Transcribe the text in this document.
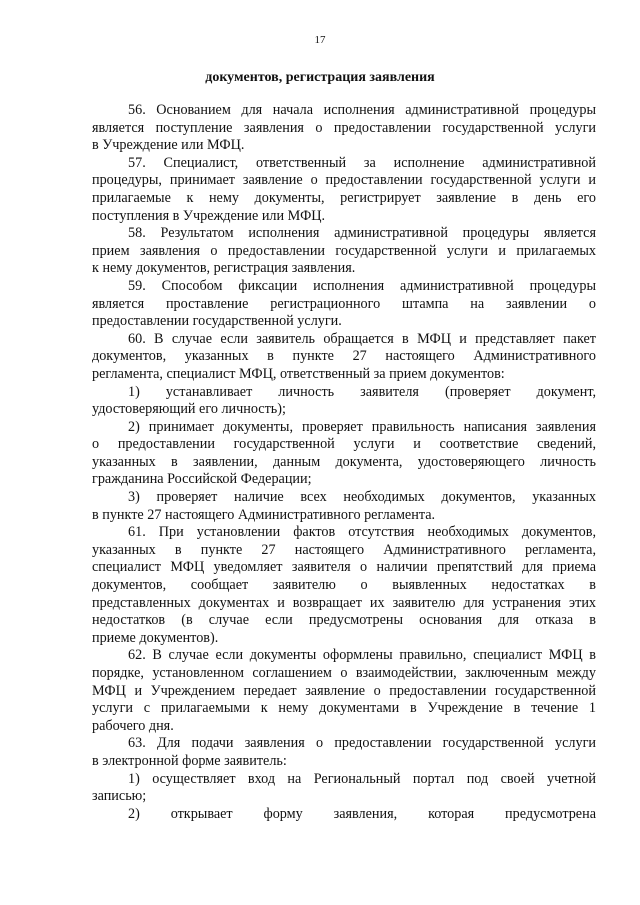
17
документов, регистрация заявления

56. Основанием для начала исполнения административной процедуры
является поступление заявления о предоставлении государственной услуги
в Учреждение или МФЦ.

57. Специалист, ответственный за исполнение административной
процедуры, принимает заявление о предоставлении государственной услуги и
прилагаемые к нему документы, регистрирует заявление в день его
поступления в Учреждение или МФЦ.

58. Результатом исполнения административной процедуры является
прием заявления о предоставлении государственной услуги и прилагаемых
к нему документов, регистрация заявления.

59. Способом фиксации исполнения административной процедуры
является проставление регистрационного штампа на заявлении о
предоставлении государственной услуги.

60. В случае если заявитель обращается в МФЦ и представляет пакет
документов, указанных в пункте 27 настоящего Административного
регламента, специалист МФЦ, ответственный за прием документов:

1) устанавливает личность заявителя (проверяет документ,
удостоверяющий его личность);

2) принимает документы, проверяет правильность написания заявления
о предоставлении государственной услуги и соответствие сведений,
указанных в заявлении, данным документа, удостоверяющего личность
гражданина Российской Федерации;

3) проверяет наличие всех необходимых документов, указанных
в пункте 27 настоящего Административного регламента.

61. При установлении фактов отсутствия необходимых документов,
указанных в пункте 27 настоящего Административного регламента,
специалист МФЦ уведомляет заявителя о наличии препятствий для приема
документов, сообщает заявителю о выявленных недостатках в
представленных документах и возвращает их заявителю для устранения этих
недостатков (в случае если предусмотрены основания для отказа в
приеме документов).

62. В случае если документы оформлены правильно, специалист МФЦ в
порядке, установленном соглашением о взаимодействии, заключенным между
МФЦ и Учреждением передает заявление о предоставлении государственной
услуги с прилагаемыми к нему документами в Учреждение в течение 1
рабочего дня.

63. Для подачи заявления о предоставлении государственной услуги
в электронной форме заявитель:

1) осуществляет вход на Региональный портал под своей учетной
записью;

2) открывает форму заявления, которая предусмотрена
